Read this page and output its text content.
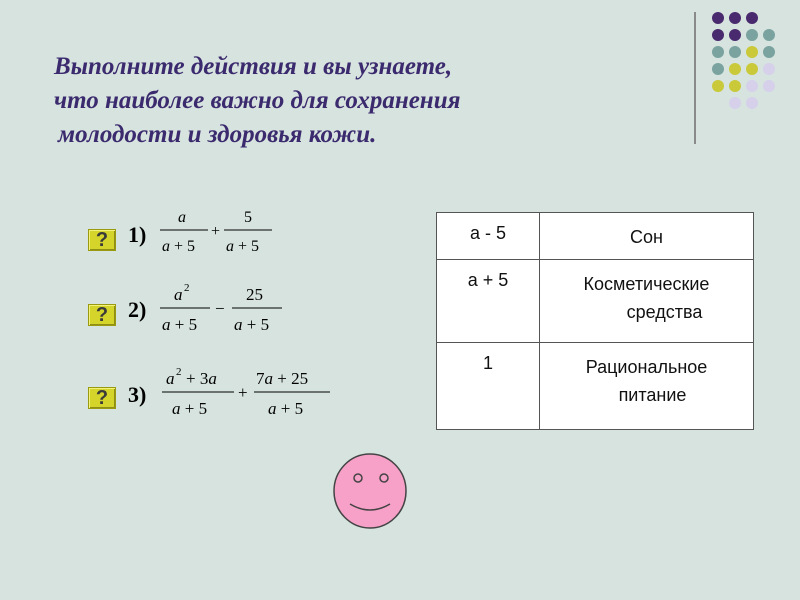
Выполните действия и вы узнаете,
что наиболее важно для сохранения
молодости и здоровья кожи.
? 1)
a
a + 5
+
5
a + 5
? 2)
a 2
a + 5
−
25
a + 5
? 3)
a 2 + 3a
a + 5
+
7a + 25
a + 5
a - 5	Сон

a + 5	Косметические
средства

1	Рациональное
питание
